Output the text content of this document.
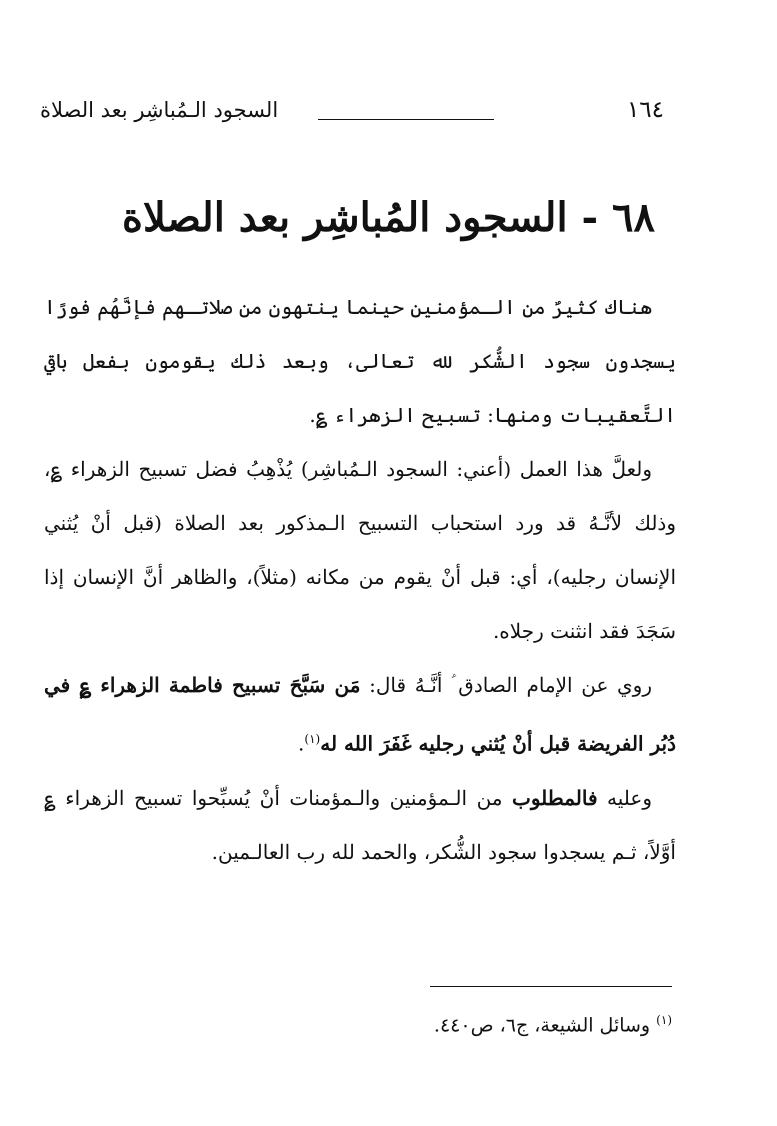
١٦٤
السجود الـمُباشِر بعد الصلاة
٦٨ - السجود المُباشِر بعد الصلاة

هناك كثيرٌ من الـمؤمنين حينما ينتهون من صلاتـهم فإنَّهُم فورًا يسجدون سجود الشُّكر لله تعالى، وبعد ذلك يقومون بفعل باقي التَّعقيبات ومنها: تسبيح الزهراء ؏.

ولعلَّ هذا العمل (أعني: السجود الـمُباشِر) يُذْهِبُ فضل تسبيح الزهراء ؏، وذلك لأنَّـهُ قد ورد استحباب التسبيح الـمذكور بعد الصلاة (قبل أنْ يُثني الإنسان رجليه)، أي: قبل أنْ يقوم من مكانه (مثلاً)، والظاهر أنَّ الإنسان إذا سَجَدَ فقد انثنت رجلاه.

روي عن الإمام الصادق ؑ أنَّـهُ قال: مَن سَبَّحَ تسبيح فاطمة الزهراء ؏ في دُبُر الفريضة قبل أنْ يُثني رجليه غَفَرَ الله له$^{(١)}$.

وعليه فالمطلوب من الـمؤمنين والـمؤمنات أنْ يُسبِّحوا تسبيح الزهراء ؏ أوَّلاً، ثـم يسجدوا سجود الشُّكر، والحمد لله رب العالـمين.

$^{(١)}$ وسائل الشيعة، ج٦، ص٤٤٠.
